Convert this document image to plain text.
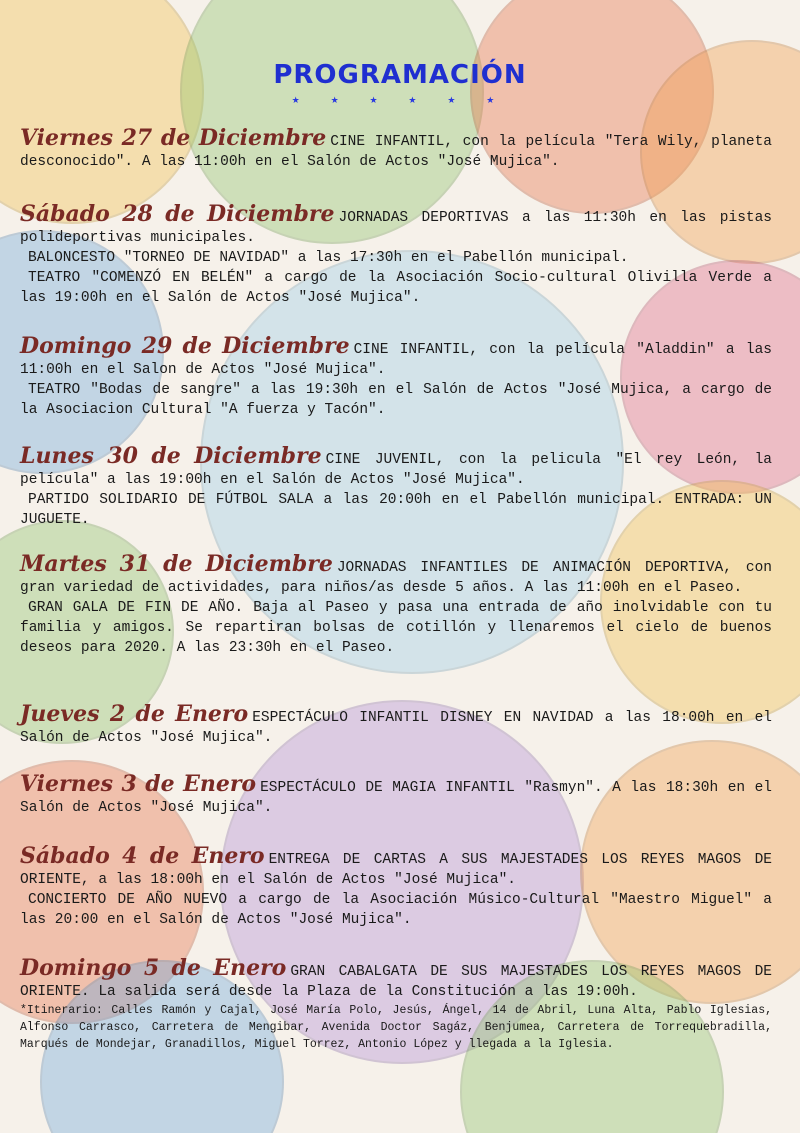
PROGRAMACIÓN
★ ★ ★ ★ ★ ★
Viernes 27 de Diciembre CINE INFANTIL, con la película "Tera Wily, planeta desconocido". A las 11:00h en el Salón de Actos "José Mujica".
Sábado 28 de Diciembre JORNADAS DEPORTIVAS a las 11:30h en las pistas polideportivas municipales.
BALONCESTO "TORNEO DE NAVIDAD" a las 17:30h en el Pabellón municipal.
TEATRO "COMENZÓ EN BELÉN" a cargo de la Asociación Socio-cultural Olivilla Verde a las 19:00h en el Salón de Actos "José Mujica".
Domingo 29 de Diciembre CINE INFANTIL, con la película "Aladdin" a las 11:00h en el Salon de Actos "José Mujica".
TEATRO "Bodas de sangre" a las 19:30h en el Salón de Actos "José Mujica, a cargo de la Asociacion Cultural "A fuerza y Tacón".
Lunes 30 de Diciembre CINE JUVENIL, con la pelicula "El rey León, la película" a las 19:00h en el Salón de Actos "José Mujica".
PARTIDO SOLIDARIO DE FÚTBOL SALA a las 20:00h en el Pabellón municipal. ENTRADA: UN JUGUETE.
Martes 31 de Diciembre JORNADAS INFANTILES DE ANIMACIÓN DEPORTIVA, con gran variedad de actividades, para niños/as desde 5 años. A las 11:00h en el Paseo.
GRAN GALA DE FIN DE AÑO. Baja al Paseo y pasa una entrada de año inolvidable con tu familia y amigos. Se repartiran bolsas de cotillón y llenaremos el cielo de buenos deseos para 2020. A las 23:30h en el Paseo.
Jueves 2 de Enero ESPECTÁCULO INFANTIL DISNEY EN NAVIDAD a las 18:00h en el Salón de Actos "José Mujica".
Viernes 3 de Enero ESPECTÁCULO DE MAGIA INFANTIL "Rasmyn". A las 18:30h en el Salón de Actos "José Mujica".
Sábado 4 de Enero ENTREGA DE CARTAS A SUS MAJESTADES LOS REYES MAGOS DE ORIENTE, a las 18:00h en el Salón de Actos "José Mujica".
CONCIERTO DE AÑO NUEVO a cargo de la Asociación Músico-Cultural "Maestro Miguel" a las 20:00 en el Salón de Actos "José Mujica".
Domingo 5 de Enero GRAN CABALGATA DE SUS MAJESTADES LOS REYES MAGOS DE ORIENTE. La salida será desde la Plaza de la Constitución a las 19:00h.
*Itinerario: Calles Ramón y Cajal, José María Polo, Jesús, Ángel, 14 de Abril, Luna Alta, Pablo Iglesias, Alfonso Carrasco, Carretera de Mengibar, Avenida Doctor Sagáz, Benjumea, Carretera de Torrequebradilla, Marqués de Mondejar, Granadillos, Miguel Torrez, Antonio López y llegada a la Iglesia.
